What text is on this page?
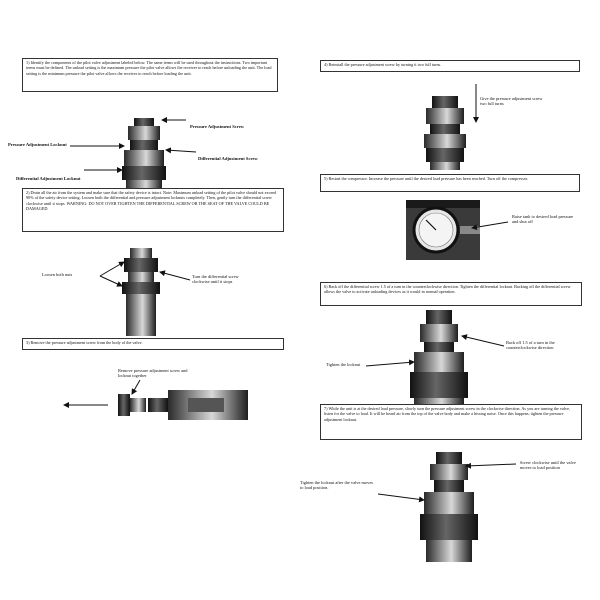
1) Identify the components of the pilot valve adjustment labeled below. The same terms will be used throughout the instructions. Two important terms must be defined. The unload setting is the maximum pressure the pilot valve allows the receiver to reach before unloading the unit. The load setting is the minimum pressure the pilot valve allows the receiver to reach before loading the unit.
2) Drain all the air from the system and make sure that the safety device is intact. Note: Maximum unload setting of the pilot valve should not exceed 90% of the safety device setting. Loosen both the differential and pressure adjustment locknuts completely. Then, gently turn the differential screw clockwise until it stops. WARNING: DO NOT OVER TIGHTEN THE DIFFERENTIAL SCREW OR THE SEAT OF THE VALVE COULD BE DAMAGED.
3) Remove the pressure adjustment screw from the body of the valve.
4) Reinstall the pressure adjustment screw by turning it two full turns.
5) Restart the compressor. Increase the pressure until the desired load pressure has been reached. Turn off the compressor.
6) Back off the differential screw 1.5 of a turn in the counterclockwise direction. Tighten the differential locknut. Backing off the differential screw allows the valve to activate unloading devices as it would in normal operation.
7) While the unit is at the desired load pressure, slowly turn the pressure adjustment screw in the clockwise direction. As you are turning the valve, listen for the valve to load. It will be heard air from the top of the valve body and make a hissing noise. Once this happens, tighten the pressure adjustment locknut.
Pressure Adjustment Screw
Pressure Adjustment Locknut
Differential Adjustment Screw
Differential Adjustment Locknut
Loosen both nuts	Turn the differential screw clockwise until it stops
Remove pressure adjustment screw and locknut together
Give the pressure adjustment screw two full turns
Raise tank to desired load pressure and shut off
Back off 1.5 of a turn in the counterclockwise direction
Tighten the locknut
Screw clockwise until the valve moves to load position
Tighten the locknut after the valve moves to load position.
